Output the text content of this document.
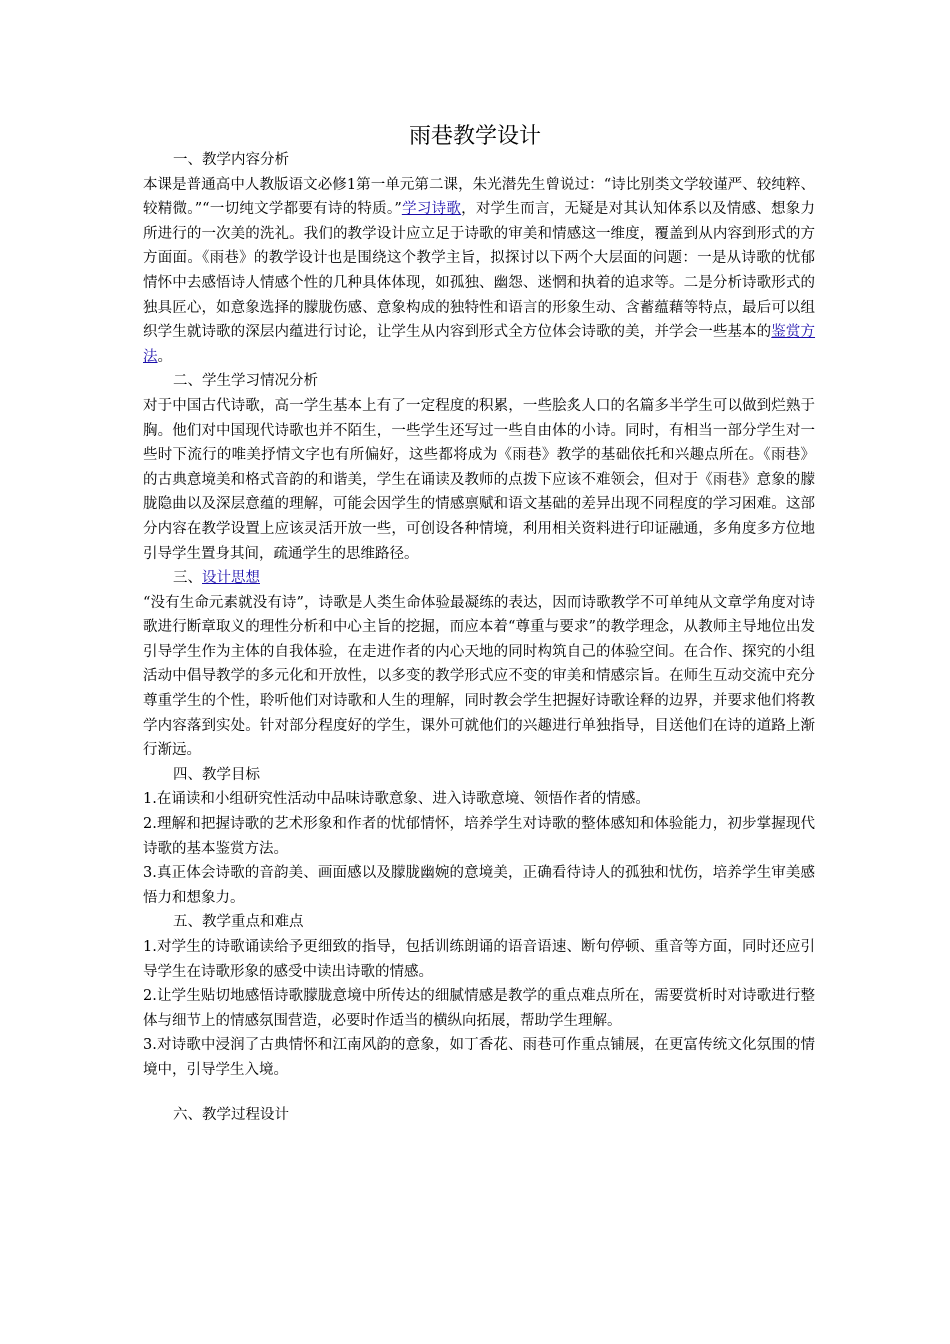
雨巷教学设计

一、教学内容分析

本课是普通高中人教版语文必修1第一单元第二课，朱光潜先生曾说过：“诗比别类文学较谨严、较纯粹、较精微。”“一切纯文学都要有诗的特质。”学习诗歌，对学生而言，无疑是对其认知体系以及情感、想象力所进行的一次美的洗礼。我们的教学设计应立足于诗歌的审美和情感这一维度，覆盖到从内容到形式的方方面面。《雨巷》的教学设计也是围绕这个教学主旨，拟探讨以下两个大层面的问题：一是从诗歌的忧郁情怀中去感悟诗人情感个性的几种具体体现，如孤独、幽怨、迷惘和执着的追求等。二是分析诗歌形式的独具匠心，如意象选择的朦胧伤感、意象构成的独特性和语言的形象生动、含蓄蕴藉等特点，最后可以组织学生就诗歌的深层内蕴进行讨论，让学生从内容到形式全方位体会诗歌的美，并学会一些基本的鉴赏方法。

二、学生学习情况分析

对于中国古代诗歌，高一学生基本上有了一定程度的积累，一些脍炙人口的名篇多半学生可以做到烂熟于胸。他们对中国现代诗歌也并不陌生，一些学生还写过一些自由体的小诗。同时，有相当一部分学生对一些时下流行的唯美抒情文字也有所偏好，这些都将成为《雨巷》教学的基础依托和兴趣点所在。《雨巷》的古典意境美和格式音韵的和谐美，学生在诵读及教师的点拨下应该不难领会，但对于《雨巷》意象的朦胧隐曲以及深层意蕴的理解，可能会因学生的情感禀赋和语文基础的差异出现不同程度的学习困难。这部分内容在教学设置上应该灵活开放一些，可创设各种情境，利用相关资料进行印证融通，多角度多方位地引导学生置身其间，疏通学生的思维路径。

三、设计思想

“没有生命元素就没有诗”，诗歌是人类生命体验最凝练的表达，因而诗歌教学不可单纯从文章学角度对诗歌进行断章取义的理性分析和中心主旨的挖掘，而应本着“尊重与要求”的教学理念，从教师主导地位出发引导学生作为主体的自我体验，在走进作者的内心天地的同时构筑自己的体验空间。在合作、探究的小组活动中倡导教学的多元化和开放性，以多变的教学形式应不变的审美和情感宗旨。在师生互动交流中充分尊重学生的个性，聆听他们对诗歌和人生的理解，同时教会学生把握好诗歌诠释的边界，并要求他们将教学内容落到实处。针对部分程度好的学生，课外可就他们的兴趣进行单独指导，目送他们在诗的道路上渐行渐远。

四、教学目标

1.在诵读和小组研究性活动中品味诗歌意象、进入诗歌意境、领悟作者的情感。

2.理解和把握诗歌的艺术形象和作者的忧郁情怀，培养学生对诗歌的整体感知和体验能力，初步掌握现代诗歌的基本鉴赏方法。

3.真正体会诗歌的音韵美、画面感以及朦胧幽婉的意境美，正确看待诗人的孤独和忧伤，培养学生审美感悟力和想象力。

五、教学重点和难点

1.对学生的诗歌诵读给予更细致的指导，包括训练朗诵的语音语速、断句停顿、重音等方面，同时还应引导学生在诗歌形象的感受中读出诗歌的情感。

2.让学生贴切地感悟诗歌朦胧意境中所传达的细腻情感是教学的重点难点所在，需要赏析时对诗歌进行整体与细节上的情感氛围营造，必要时作适当的横纵向拓展，帮助学生理解。

3.对诗歌中浸润了古典情怀和江南风韵的意象，如丁香花、雨巷可作重点铺展，在更富传统文化氛围的情境中，引导学生入境。

六、教学过程设计
